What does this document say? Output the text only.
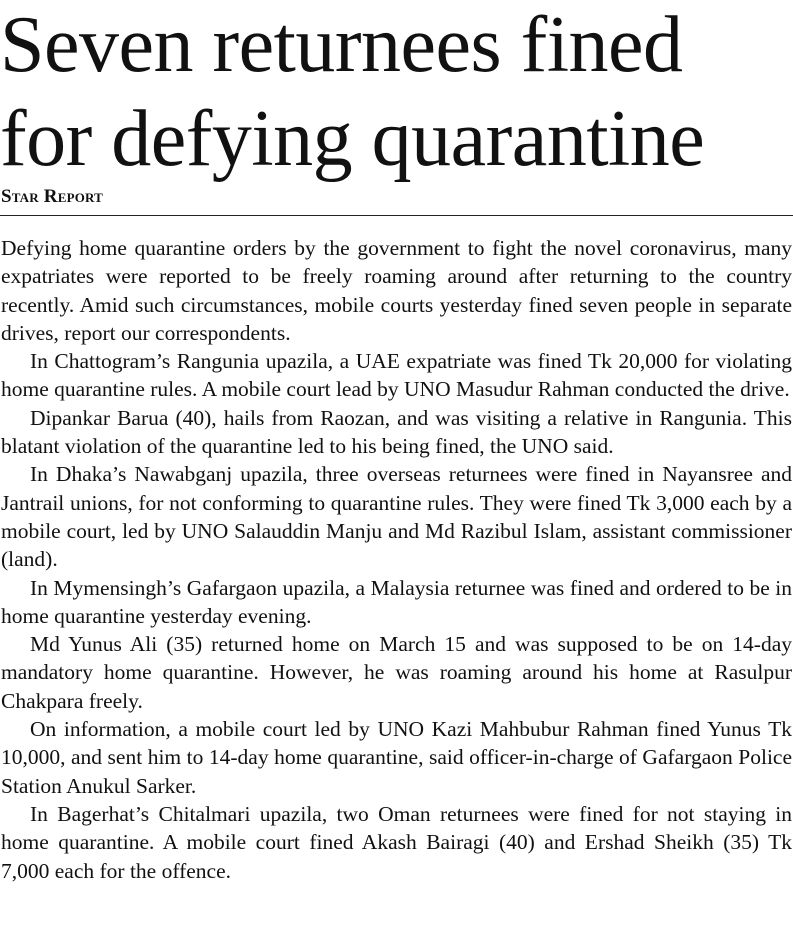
Seven returnees fined
for defying quarantine
Star Report

Defying home quarantine orders by the government to fight the novel coronavirus, many expatriates were reported to be freely roaming around after returning to the country recently. Amid such circumstances, mobile courts yesterday fined seven people in separate drives, report our correspondents.

In Chattogram’s Rangunia upazila, a UAE expatriate was fined Tk 20,000 for violating home quarantine rules. A mobile court lead by UNO Masudur Rahman conducted the drive.

Dipankar Barua (40), hails from Raozan, and was visiting a relative in Rangunia. This blatant violation of the quarantine led to his being fined, the UNO said.

In Dhaka’s Nawabganj upazila, three overseas returnees were fined in Nayansree and Jantrail unions, for not conforming to quarantine rules. They were fined Tk 3,000 each by a mobile court, led by UNO Salauddin Manju and Md Razibul Islam, assistant commissioner (land).

In Mymensingh’s Gafargaon upazila, a Malaysia returnee was fined and ordered to be in home quarantine yesterday evening.

Md Yunus Ali (35) returned home on March 15 and was supposed to be on 14-day mandatory home quarantine. However, he was roaming around his home at Rasulpur Chakpara freely.

On information, a mobile court led by UNO Kazi Mahbubur Rahman fined Yunus Tk 10,000, and sent him to 14-day home quarantine, said officer-in-charge of Gafargaon Police Station Anukul Sarker.

In Bagerhat’s Chitalmari upazila, two Oman returnees were fined for not staying in home quarantine. A mobile court fined Akash Bairagi (40) and Ershad Sheikh (35) Tk 7,000 each for the offence.
